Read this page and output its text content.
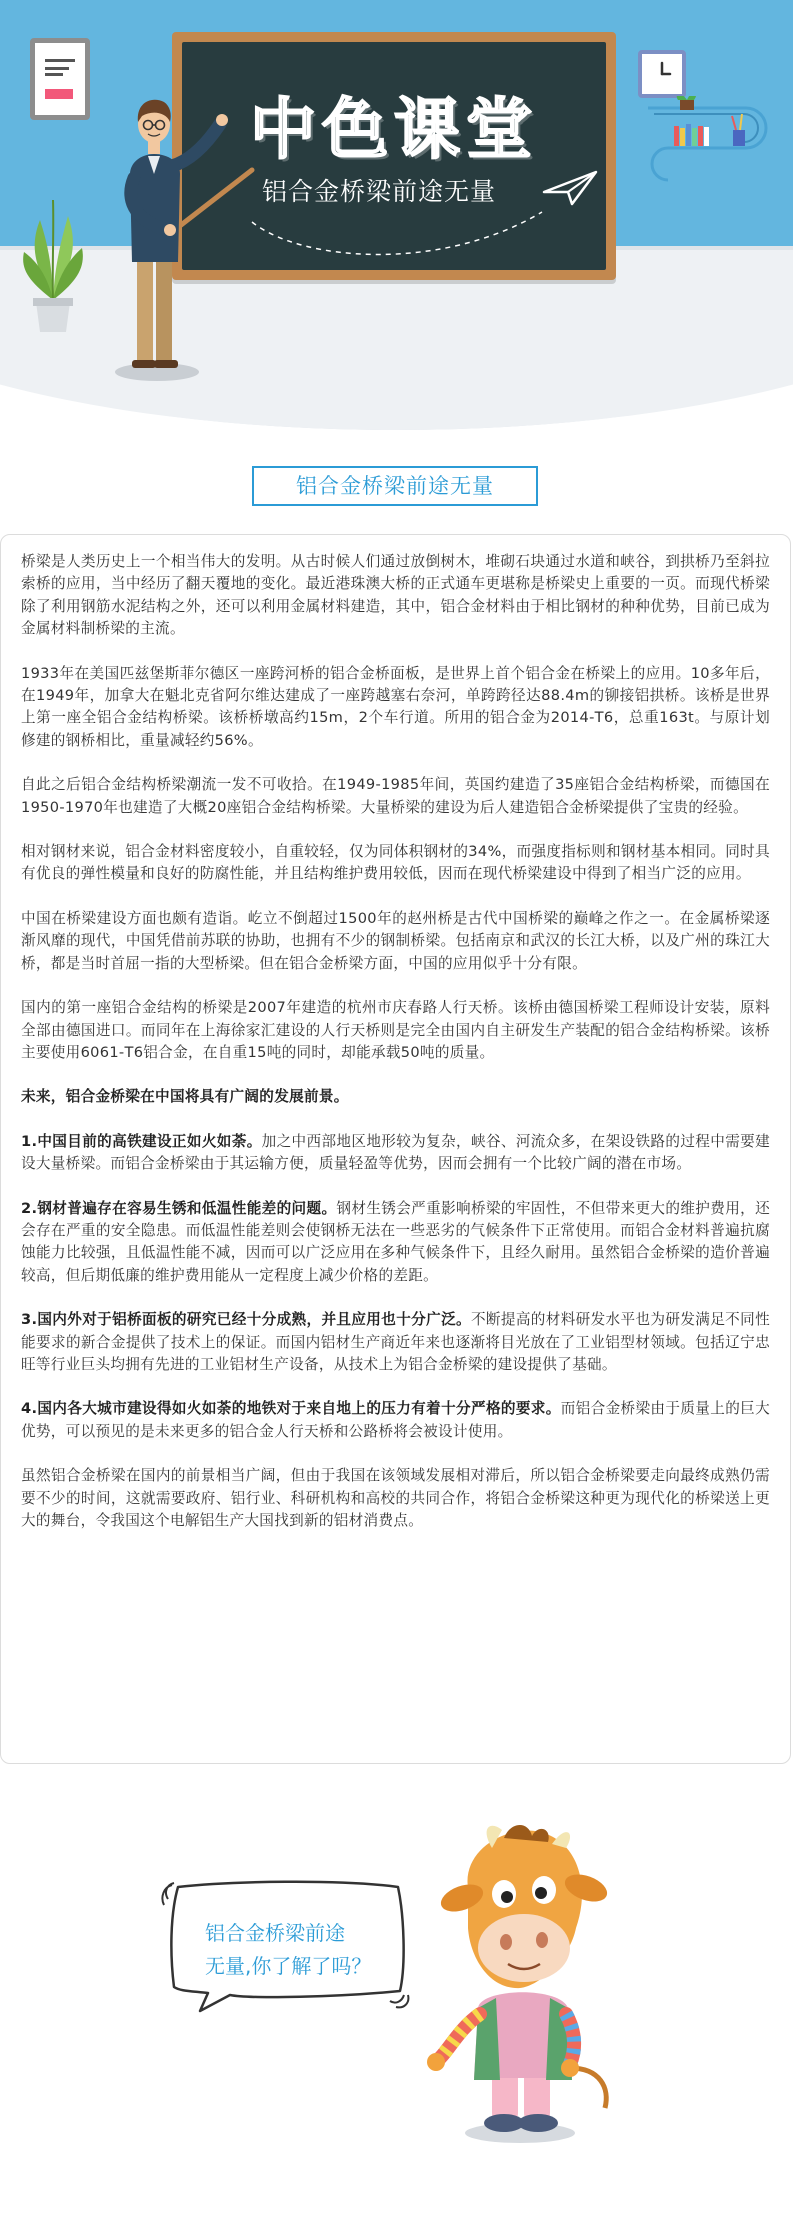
中色课堂
铝合金桥梁前途无量
铝合金桥梁前途无量

桥梁是人类历史上一个相当伟大的发明。从古时候人们通过放倒树木，堆砌石块通过水道和峡谷，到拱桥乃至斜拉索桥的应用，当中经历了翻天覆地的变化。最近港珠澳大桥的正式通车更堪称是桥梁史上重要的一页。而现代桥梁除了利用钢筋水泥结构之外，还可以利用金属材料建造，其中，铝合金材料由于相比钢材的种种优势，目前已成为金属材料制桥梁的主流。

1933年在美国匹兹堡斯菲尔德区一座跨河桥的铝合金桥面板，是世界上首个铝合金在桥梁上的应用。10多年后，在1949年，加拿大在魁北克省阿尔维达建成了一座跨越塞右奈河，单跨跨径达88.4m的铆接铝拱桥。该桥是世界上第一座全铝合金结构桥梁。该桥桥墩高约15m，2个车行道。所用的铝合金为2014-T6，总重163t。与原计划修建的钢桥相比，重量减轻约56%。

自此之后铝合金结构桥梁潮流一发不可收拾。在1949-1985年间，英国约建造了35座铝合金结构桥梁，而德国在1950-1970年也建造了大概20座铝合金结构桥梁。大量桥梁的建设为后人建造铝合金桥梁提供了宝贵的经验。

相对钢材来说，铝合金材料密度较小，自重较轻，仅为同体积钢材的34%，而强度指标则和钢材基本相同。同时具有优良的弹性模量和良好的防腐性能，并且结构维护费用较低，因而在现代桥梁建设中得到了相当广泛的应用。

中国在桥梁建设方面也颇有造诣。屹立不倒超过1500年的赵州桥是古代中国桥梁的巅峰之作之一。在金属桥梁逐渐风靡的现代，中国凭借前苏联的协助，也拥有不少的钢制桥梁。包括南京和武汉的长江大桥，以及广州的珠江大桥，都是当时首屈一指的大型桥梁。但在铝合金桥梁方面，中国的应用似乎十分有限。

国内的第一座铝合金结构的桥梁是2007年建造的杭州市庆春路人行天桥。该桥由德国桥梁工程师设计安装，原料全部由德国进口。而同年在上海徐家汇建设的人行天桥则是完全由国内自主研发生产装配的铝合金结构桥梁。该桥主要使用6061-T6铝合金，在自重15吨的同时，却能承载50吨的质量。

未来，铝合金桥梁在中国将具有广阔的发展前景。

1.中国目前的高铁建设正如火如荼。加之中西部地区地形较为复杂，峡谷、河流众多，在架设铁路的过程中需要建设大量桥梁。而铝合金桥梁由于其运输方便，质量轻盈等优势，因而会拥有一个比较广阔的潜在市场。

2.钢材普遍存在容易生锈和低温性能差的问题。钢材生锈会严重影响桥梁的牢固性，不但带来更大的维护费用，还会存在严重的安全隐患。而低温性能差则会使钢桥无法在一些恶劣的气候条件下正常使用。而铝合金材料普遍抗腐蚀能力比较强，且低温性能不减，因而可以广泛应用在多种气候条件下，且经久耐用。虽然铝合金桥梁的造价普遍较高，但后期低廉的维护费用能从一定程度上减少价格的差距。

3.国内外对于铝桥面板的研究已经十分成熟，并且应用也十分广泛。不断提高的材料研发水平也为研发满足不同性能要求的新合金提供了技术上的保证。而国内铝材生产商近年来也逐渐将目光放在了工业铝型材领域。包括辽宁忠旺等行业巨头均拥有先进的工业铝材生产设备，从技术上为铝合金桥梁的建设提供了基础。

4.国内各大城市建设得如火如荼的地铁对于来自地上的压力有着十分严格的要求。而铝合金桥梁由于质量上的巨大优势，可以预见的是未来更多的铝合金人行天桥和公路桥将会被设计使用。

虽然铝合金桥梁在国内的前景相当广阔，但由于我国在该领域发展相对滞后，所以铝合金桥梁要走向最终成熟仍需要不少的时间，这就需要政府、铝行业、科研机构和高校的共同合作，将铝合金桥梁这种更为现代化的桥梁送上更大的舞台，令我国这个电解铝生产大国找到新的铝材消费点。

铝合金桥梁前途
无量,你了解了吗？
